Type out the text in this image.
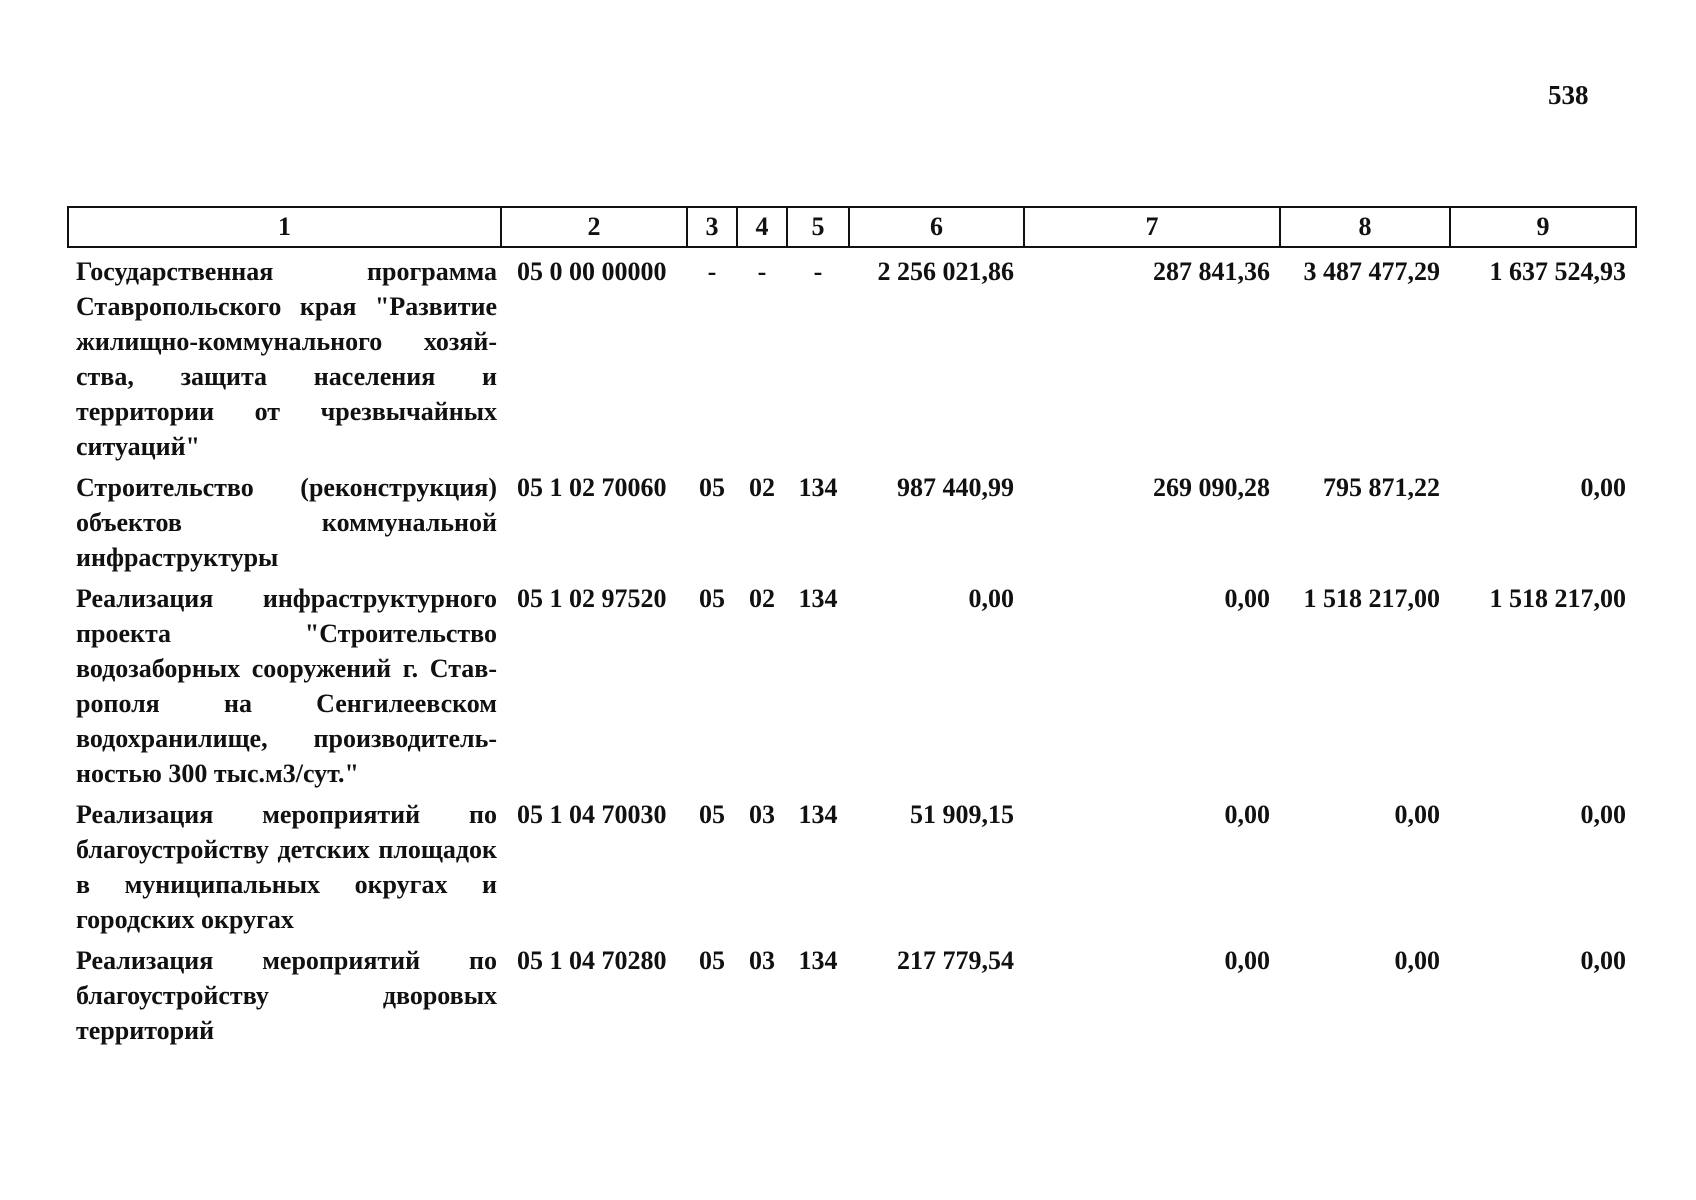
538
1	2	3	4	5	6	7	8	9
Государственная программа Ставропольского края "Развитие жилищно-коммунального хозяйства, защита населения и территории от чрезвычайных ситуаций"	05 0 00 00000	-	-	-	2 256 021,86	287 841,36	3 487 477,29	1 637 524,93
Строительство (реконструкция) объектов коммунальной инфраструктуры	05 1 02 70060	05	02	134	987 440,99	269 090,28	795 871,22	0,00
Реализация инфраструктурного проекта "Строительство водозаборных сооружений г. Ставрополя на Сенгилеевском водохранилище, производительностью 300 тыс.м3/сут."	05 1 02 97520	05	02	134	0,00	0,00	1 518 217,00	1 518 217,00
Реализация мероприятий по благоустройству детских площадок в муниципальных округах и городских округах	05 1 04 70030	05	03	134	51 909,15	0,00	0,00	0,00
Реализация мероприятий по благоустройству дворовых территорий	05 1 04 70280	05	03	134	217 779,54	0,00	0,00	0,00
